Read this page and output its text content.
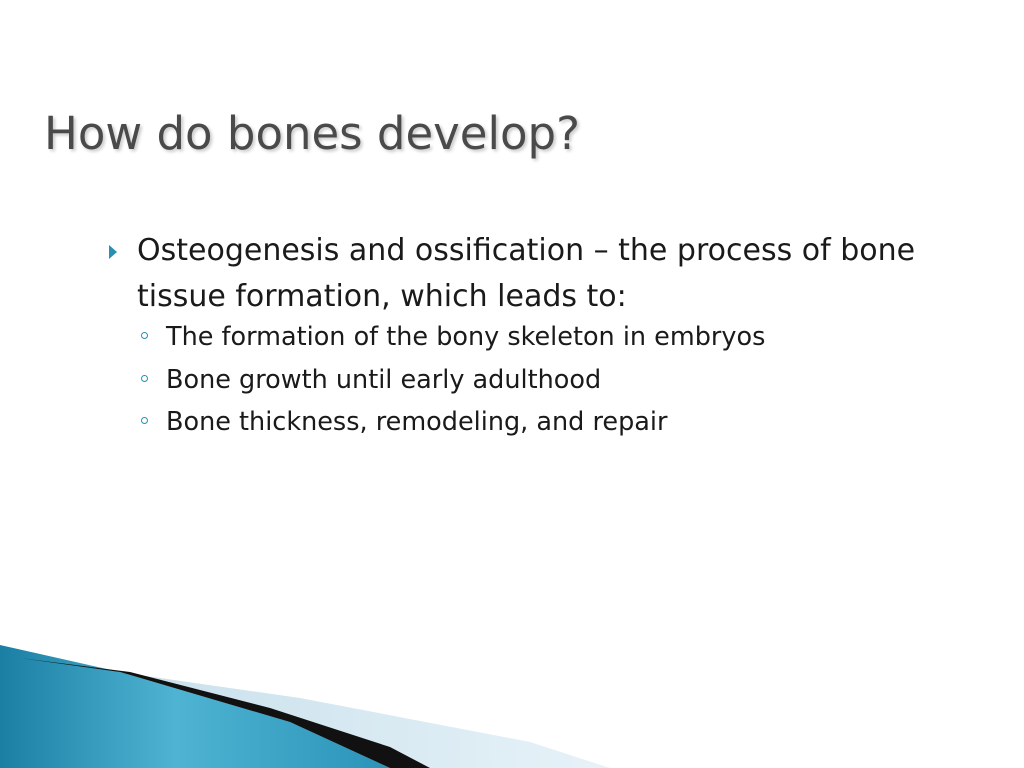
How do bones develop?
Osteogenesis and ossification – the process of bone tissue formation, which leads to:
The formation of the bony skeleton in embryos
Bone growth until early adulthood
Bone thickness, remodeling, and repair
